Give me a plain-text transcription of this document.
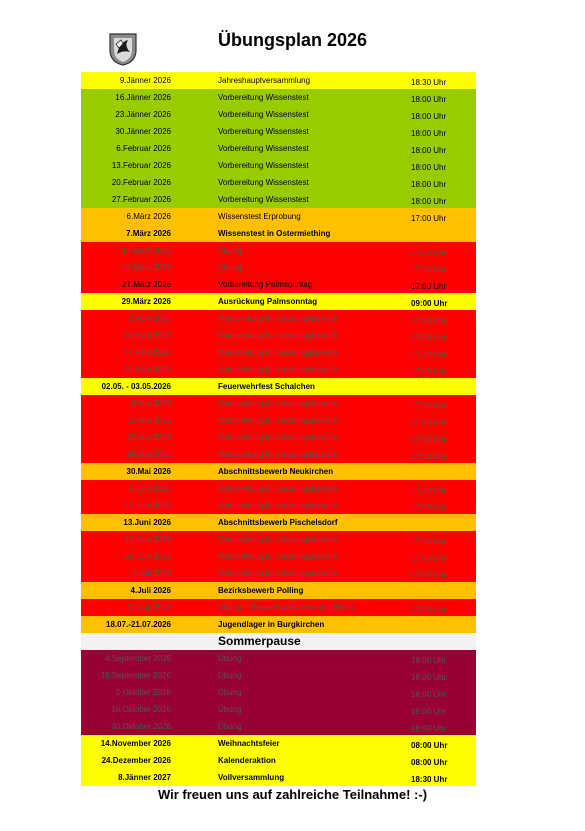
Übungsplan 2026
9.Jänner 2026	Jahreshauptversammlung	18:30 Uhr
16.Jänner 2026	Vorbereitung Wissenstest	18:00 Uhr
23.Jänner 2026	Vorbereitung Wissenstest	18:00 Uhr
30.Jänner 2026	Vorbereitung Wissenstest	18:00 Uhr
6.Februar 2026	Vorbereitung Wissenstest	18:00 Uhr
13.Februar 2026	Vorbereitung Wissenstest	18:00 Uhr
20.Februar 2026	Vorbereitung Wissenstest	18:00 Uhr
27.Februar 2026	Vorbereitung Wissenstest	18:00 Uhr
6.März 2026	Wissenstest Erprobung	17:00 Uhr
7.März 2026	Wissenstest in Ostermiething
13.März 2026	Übung	17:00 Uhr
20.März 2026	Übung	17:00 Uhr
27.März 2026	Vorbereitung Palmsonntag	17:00 Uhr
29.März 2026	Ausrückung Palmsonntag	09:00 Uhr
3.April 2026	Vorbereitung für Leistungsbewerb	17:00 Uhr
10.April 2026	Vorbereitung für Leistungsbewerb	17:00 Uhr
17.April 2026	Vorbereitung für Leistungsbewerb	17:00 Uhr
24.April 2026	Vorbereitung für Leistungsbewerb	17:00 Uhr
02.05. - 03.05.2026	Feuerwehrfest Schalchen
8.Mai 2026	Vorbereitung für Leistungsbewerb	17:00 Uhr
15.Mai 2026	Vorbereitung für Leistungsbewerb	17:00 Uhr
22.Mai 2026	Vorbereitung für Leistungsbewerb	17:00 Uhr
29.Mai 2026	Vorbereitung für Leistungsbewerb	17:00 Uhr
30.Mai 2026	Abschnittsbewerb Neukirchen
5.Juni 2026	Vorbereitung für Leistungsbewerb	17:00 Uhr
12.Juni 2026	Vorbereitung für Leistungsbewerb	17:00 Uhr
13.Juni 2026	Abschnittsbewerb Pischelsdorf
19.Juni 2026	Vorbereitung für Leistungsbewerb	17:00 Uhr
26.Juni 2026	Vorbereitung für Leistungsbewerb	17:00 Uhr
3.Juli 2026	Vorbereitung für Leistungsbewerb	17:00 Uhr
4.Juli 2026	Bezirksbewerb Polling
10.Juli 2026	Übung + Bewerbsabschluss mit Eltern	17:00 Uhr
18.07.-21.07.2026	Jugendlager in Burgkirchen
Sommerpause
4.September 2026	Übung	18:00 Uhr
18.September 2026	Übung	18:00 Uhr
2.Oktober 2026	Übung	18:00 Uhr
16.Oktober 2026	Übung	18:00 Uhr
30.Oktober 2026	Übung	18:00 Uhr
14.November 2026	Weihnachtsfeier	08:00 Uhr
24.Dezember 2026	Kalenderaktion	08:00 Uhr
8.Jänner 2027	Vollversammlung	18:30 Uhr
Wir freuen uns auf zahlreiche Teilnahme! :-)
